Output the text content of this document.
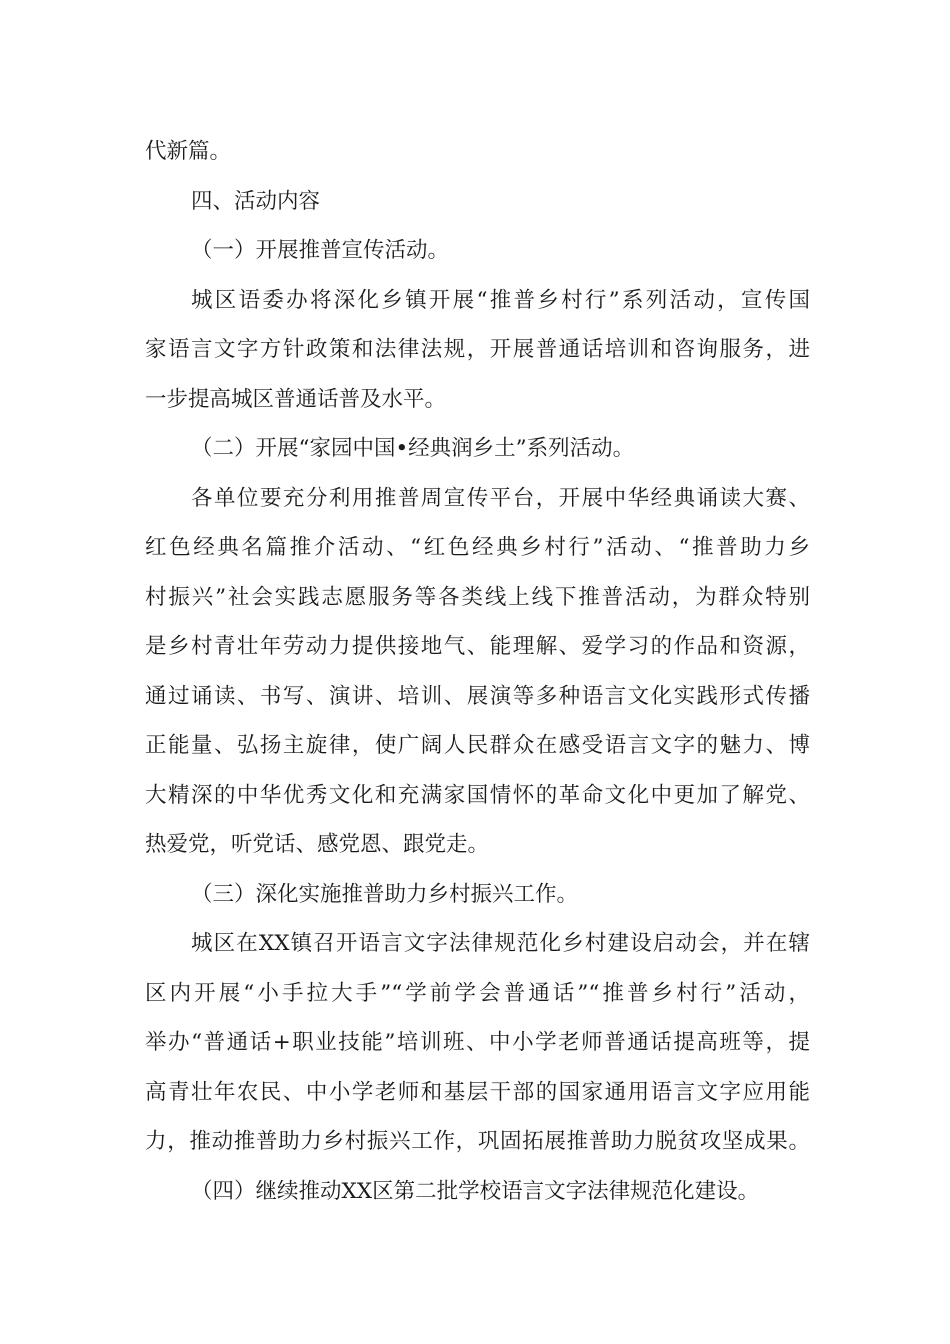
代新篇。
四、活动内容
（一）开展推普宣传活动。
城区语委办将深化乡镇开展“推普乡村行”系列活动，宣传国
家语言文字方针政策和法律法规，开展普通话培训和咨询服务，进
一步提高城区普通话普及水平。
（二）开展“家园中国•经典润乡土”系列活动。
各单位要充分利用推普周宣传平台，开展中华经典诵读大赛、
红色经典名篇推介活动、“红色经典乡村行”活动、“推普助力乡
村振兴”社会实践志愿服务等各类线上线下推普活动，为群众特别
是乡村青壮年劳动力提供接地气、能理解、爱学习的作品和资源，
通过诵读、书写、演讲、培训、展演等多种语言文化实践形式传播
正能量、弘扬主旋律，使广阔人民群众在感受语言文字的魅力、博
大精深的中华优秀文化和充满家国情怀的革命文化中更加了解党、
热爱党，听党话、感党恩、跟党走。
（三）深化实施推普助力乡村振兴工作。
城区在XX镇召开语言文字法律规范化乡村建设启动会，并在辖
区内开展“小手拉大手”“学前学会普通话”“推普乡村行”活动，
举办“普通话+职业技能”培训班、中小学老师普通话提高班等，提
高青壮年农民、中小学老师和基层干部的国家通用语言文字应用能
力，推动推普助力乡村振兴工作，巩固拓展推普助力脱贫攻坚成果。
（四）继续推动XX区第二批学校语言文字法律规范化建设。
